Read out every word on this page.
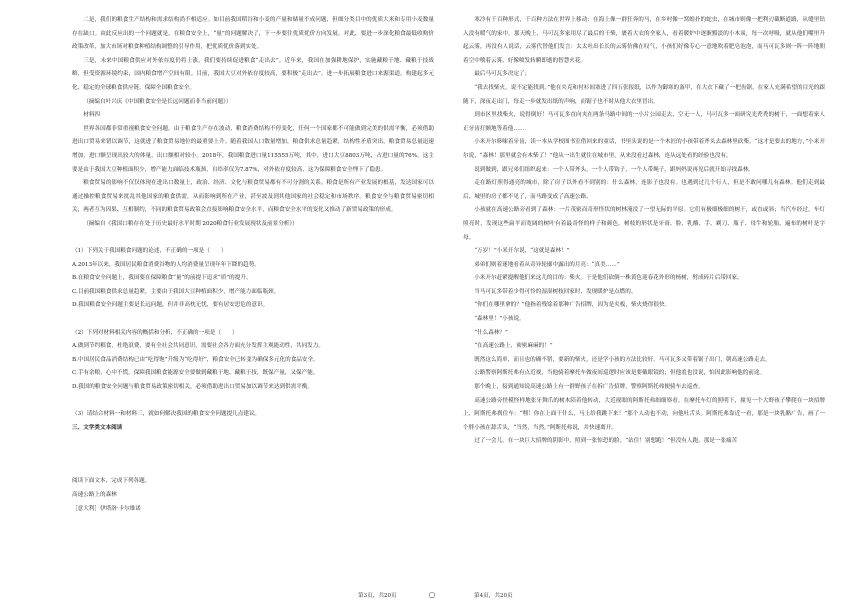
二是，我们的粮食生产结构和需求结构尚不相适应。如目前我国稻谷和小麦的产量和储量不成问题，但细分类目中的优质大米和专用小麦数量存在缺口。由此反应出的一个问题就是，在粮食安全上，“量”的问题解决了，下一步要往优质优价方向发展。对此，要进一步深化粮食最低收购价政策改革，加大市场对粮食种植结构调整的引导作用，把优质优价落到实处。

三是，未来中国粮食供应对外依存度仍将上涨，我们要持续促进粮食“走出去”。近年来，我国在加强耕地保护，实施藏粮于地、藏粮于技战略，但受资源环境约束，国内粮食增产空间有限。目前，我国大豆对外依存度较高，要积极“走出去”，进一步拓展粮食进口来源渠道，构建起多元化、稳定的全球粮食供应链，保障全国粮食安全。

（摘编自叶兴庆《中国粮食安全是长远问题而非当前问题》）

材料四

世界各国都非常重视粮食安全问题，由于粮食生产存在波动，粮食消费结构不停变化，任何一个国家都不可能做到完美的供需平衡，必须借助进出口贸易来错以调节，这就进了粮食贸易地位的最重要上升。随着我国人口数量增加，粮食供求总量趋紧，结构性矛盾突出，粮食贸易总量迅速增加，进口额呈现出较大的体量，出口额相对较小。2018年，我国粮食进口量115555万吨，其中，进口大豆8803万吨，占进口量的76%。这主要是由于我国大豆种植面积少，增产能力面临技术瓶颈，自给率仅为7.87%，对外依存度较高，这为保障粮食安全埋下了隐患。

粮食贸易的影响不仅仅体现在进出口数量上，政治、经济、文化与粮食贸易都有不可分割的关系。粮食是所有产业发展的根基，发达国家可以通过操控粮食贸易来扰乱其他国家的粮食供需，从而影响到所在产业，甚至波及到其他国家的社会稳定和市场秩序。粮食安全与粮食贸易密切相关，两者互为因果、互相制约，不同的粮食贸易政策会直接影响粮食安全水平，而粮食安全水平的变化又推动了新贸易政策的形成。

（摘编自《我国口粮存在处于历史最好水平时期 2020粮食行业发展现状及前景分析》）

（1）下列关于我国粮食问题的论述，不正确的一项是（　　）

A.2013年以来，我国居民粮食消费谷物的人均消费量呈现年年下降的趋势。

B.在粮食安全问题上，我国要在保障粮食“量”的前提下追求“质”的提升。

C.目前我国粮食供求总量趋紧，主要由于我国大豆种植面积少，增产能力面临瓶颈。

D.我国粮食安全问题主要是长远问题，但并非高枕无忧，要有居安思危的意识。

（2）下列对材料相关内容的概括和分析，不正确的一项是（　　）

A.做到节约粮食，杜绝浪费，要有全社会共同意识，需要社会各方面充分发挥主观能动性，共同发力。

B.中国居民食品消费结构已由“吃得饱”升级为“吃得好”，粮食安全已转变为确保多元化的食品安全。

C.手有余粮，心中不慌。保障我国粮食能源安全要做到藏粮于地、藏粮于技，既保产量，又保产能。

D.我国的粮食安全问题与粮食贸易政策密切相关，必须借助进出口贸易加以调节来达到供需平衡。

（3）请结合材料一和材料三，就如何解决我国的粮食安全问题提几点建议。

三、文学类文本阅读

阅读下面文本，完成下列各题。

高速公路上的森林

［意大利］伊塔洛·卡尔维诺

寒冷有千百种形式，千百种方法在世界上移动：在海上像一群狂奔的马，在乡村像一窝蝗扑的蛇虫，在城市则像一把利刃截断道路，从缝里钻入没有暖气的家中。那天晚上，马可瓦多家用尽了最后的干柴，裹着大衣的全家人，看着暖炉中逐渐黯淡的小木炭，每一次呼吸，就从他们嘴里升起云雾，再没有人说话，云雾代替他们发言：太太吐出长长的云雾仿佛在叹气，小孩们好像专心一意地吹着肥皂泡泡，而马可瓦多则一阵一阵地朝着空中喷着云雾，好像喷发转瞬即逝的智慧火花。

最后马可瓦多决定了；

“我去找柴火，说不定能找到。”他在夹克和衬衫间塞进了四五张报纸，以作为御寒的盔甲，在大衣下藏了一把齿锯，在家人充满希望的目光的跟随下，深夜走出门，每走一步就发出纸的声响，而锯子也不时从他大衣里冒出。

到市区里找柴火，说得倒好！马可瓦多直向夹在两条马路中间的一小片公园走去，空无一人，马可瓦多一面研究光秃秃的树干，一面想着家人正牙齿打颤地等着他……

小米开尔哆嗦着牙齿，读一本从学校图书室借回来的童话，书里头说的是一个木匠的小孩带着斧头去森林里砍柴。“这才是要去的地方，”小米开尔说，“森林！那里就会有木柴了！”他从一出生就住在城市里，从来没看过森林，连从远处看的经验也没有。

说到做到，跟兄弟们组织起来：一个人带斧头，一个人带钩子，一个人带绳子，跟妈妈说再见后就开始寻找森林。

走在路灯照得通亮的城市，除了房子以外看不到别的：什么森林，连影子也没有。也遇到过几个行人，但是不敢问哪儿有森林。他们走到最后，城里的房子都不见了，而马路变成了高速公路。

小孩就在高速公路旁看到了森林：一片茂密而奇形怪状的树林淹没了一望无际的平原。它们有极细极细的树干，或直或斜；当汽车经过，车灯照亮时，发现这些扁平而宽阔的树叶有着最奇怪的样子和颜色。树枝的形状是牙膏、脸、乳酪、手、剃刀、瓶子、母牛和轮胎，遍布的树叶是字母。

“万岁！”小米开尔说，“这就是森林！”

弟弟们则着迷地看着从奇异轮廓中露出的月亮：“真美……”

小米开尔赶紧提醒他们来这儿的目的：柴火。于是他们砍倒一株黄色迎春花外形的杨树，劈成碎片后带回家。

当马可瓦多带着少得可怜的湿湿树枝回家时，发现暖炉是点燃的。

“你们在哪里拿的？”他指着残馀着那种广告招牌，因为是夹板，柴火烧得很快。

“森林里！”小孩说。

“什么森林？”

“在高速公路上，密密麻麻的！”

既然这么简单，而且也的确不错，要新的柴火，还是学小孩的方法比较好。马可瓦多又带着锯子出门，朝高速公路走去。

公路警察阿斯托弗有点近视，当他骑着摩托车做夜间巡逻时应该是要戴眼镜的；但他羞也没说，怕因此影响他的前途。

那个晚上，接到通知说高速公路上有一群野孩子在拆广告招牌，警察阿斯托弗便骑车去巡查。

高速公路旁怪模怪样地张牙舞爪的树木陪着他转动，大近视眼的阿斯托弗细细察看。在摩托车灯的照明下，撞见一个大野孩子攀爬在一块招牌上，阿斯托弗刹住车：“嘿！你在上面干什么，马上给我跳下来！”那个人动也不动，向他吐舌头。阿斯托弗靠近一看，那是一块乳酪广告，画了一个胖小孩在舔舌头，“当然，当然。”阿斯托弗说，并快速离开。

过了一会儿，在一块巨大招牌的阴影中，照到一张惊恐的脸。“站住！别想跑！”但没有人跑。那是一张痛苦

第3页，共20页	○	第4页，共20页
